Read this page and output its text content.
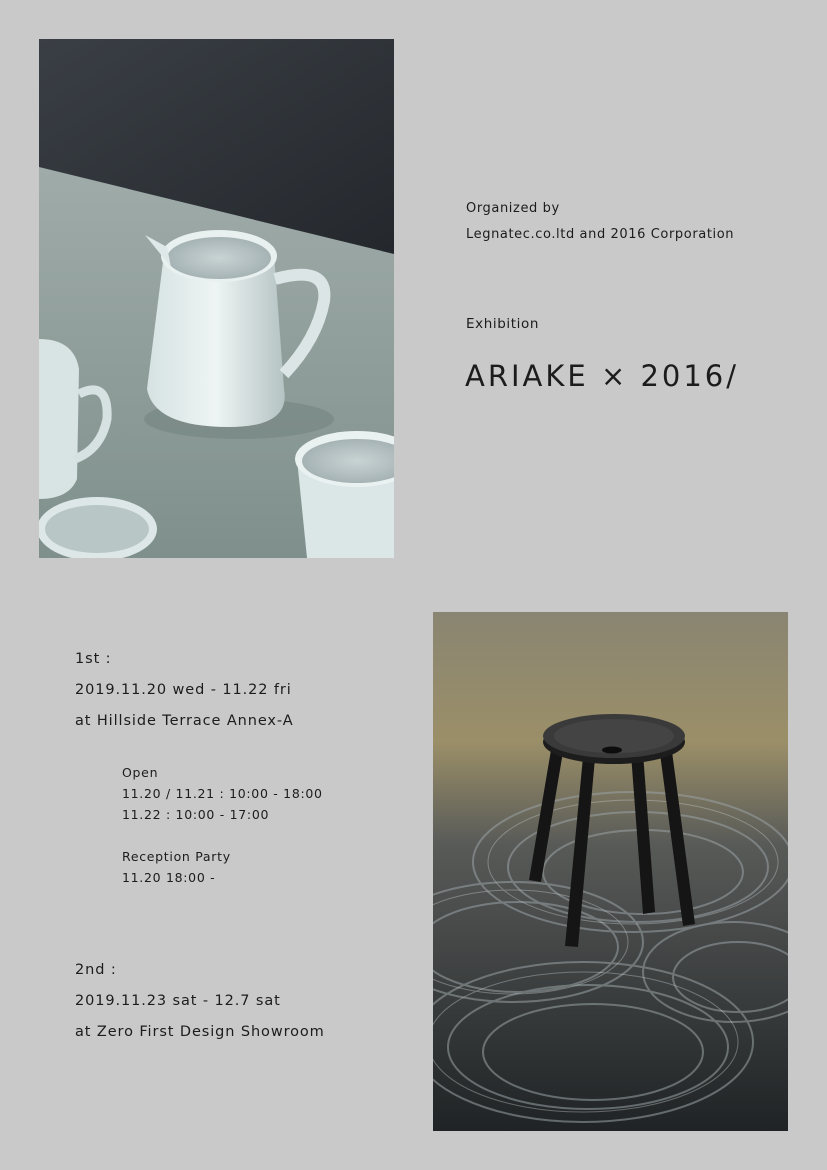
Organized by
Legnatec.co.ltd and 2016 Corporation
Exhibition
ARIAKE × 2016/
1st :
2019.11.20 wed - 11.22 fri
at Hillside Terrace Annex-A
Open
11.20 / 11.21 : 10:00 - 18:00
11.22 : 10:00 - 17:00
Reception Party
11.20 18:00 -
2nd :
2019.11.23 sat - 12.7 sat
at Zero First Design Showroom
